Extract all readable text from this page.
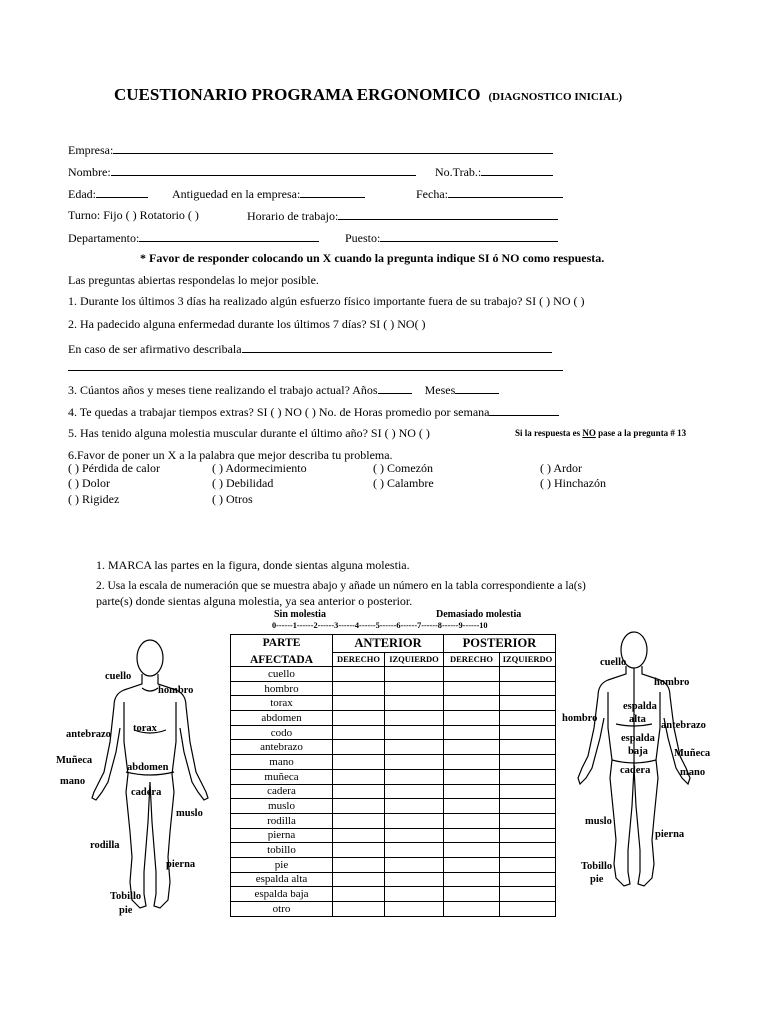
CUESTIONARIO PROGRAMA ERGONOMICO (DIAGNOSTICO INICIAL)
Empresa:
Nombre:	No.Trab.:
Edad:	Antiguedad en la empresa:	Fecha:
Turno: Fijo ( ) Rotatorio ( )	Horario de trabajo:
Departamento:	Puesto:
* Favor de responder colocando un X cuando la pregunta indique SI ó NO como respuesta.
Las preguntas abiertas respondelas lo mejor posible.
1. Durante los últimos 3 días ha realizado algún esfuerzo físico importante fuera de su trabajo? SI ( ) NO ( )
2. Ha padecido alguna enfermedad durante los últimos 7 días? SI ( ) NO( )
En caso de ser afirmativo describala
3. Cúantos años y meses tiene realizando el trabajo actual? Años	Meses
4. Te quedas a trabajar tiempos extras? SI ( ) NO ( ) No. de Horas promedio por semana
5. Has tenido alguna molestia muscular durante el último año? SI ( ) NO ( )	Si la respuesta es NO pase a la pregunta # 13
6.Favor de poner un X a la palabra que mejor describa tu problema.
( ) Pérdida de calor	( ) Adormecimiento	( ) Comezón	( ) Ardor
( ) Dolor	( ) Debilidad	( ) Calambre	( ) Hinchazón
( ) Rigidez	( ) Otros
1. MARCA las partes en la figura, donde sientas alguna molestia.
2. Usa la escala de numeración que se muestra abajo y añade un número en la tabla correspondiente a la(s)
parte(s) donde sientas alguna molestia, ya sea anterior o posterior.
Sin molestia	Demasiado molestia
0------1------2------3------4------5------6------7------8------9------10
PARTE
AFECTADA	ANTERIOR		POSTERIOR	
	DERECHO	IZQUIERDO	DERECHO	IZQUIERDO
cuello				
hombro				
torax				
abdomen				
codo				
antebrazo				
mano				
muñeca				
cadera				
muslo				
rodilla				
pierna				
tobillo				
pie				
espalda alta				
espalda baja				
otro				
cuello
hombro
torax
antebrazo
Muñeca
mano
abdomen
cadera
muslo
rodilla
pierna
Tobillo
pie
cuello
hombro
hombro
espalda
alta
antebrazo
espalda
baja Muñeca
cadera	mano
muslo
pierna
Tobillo
pie
